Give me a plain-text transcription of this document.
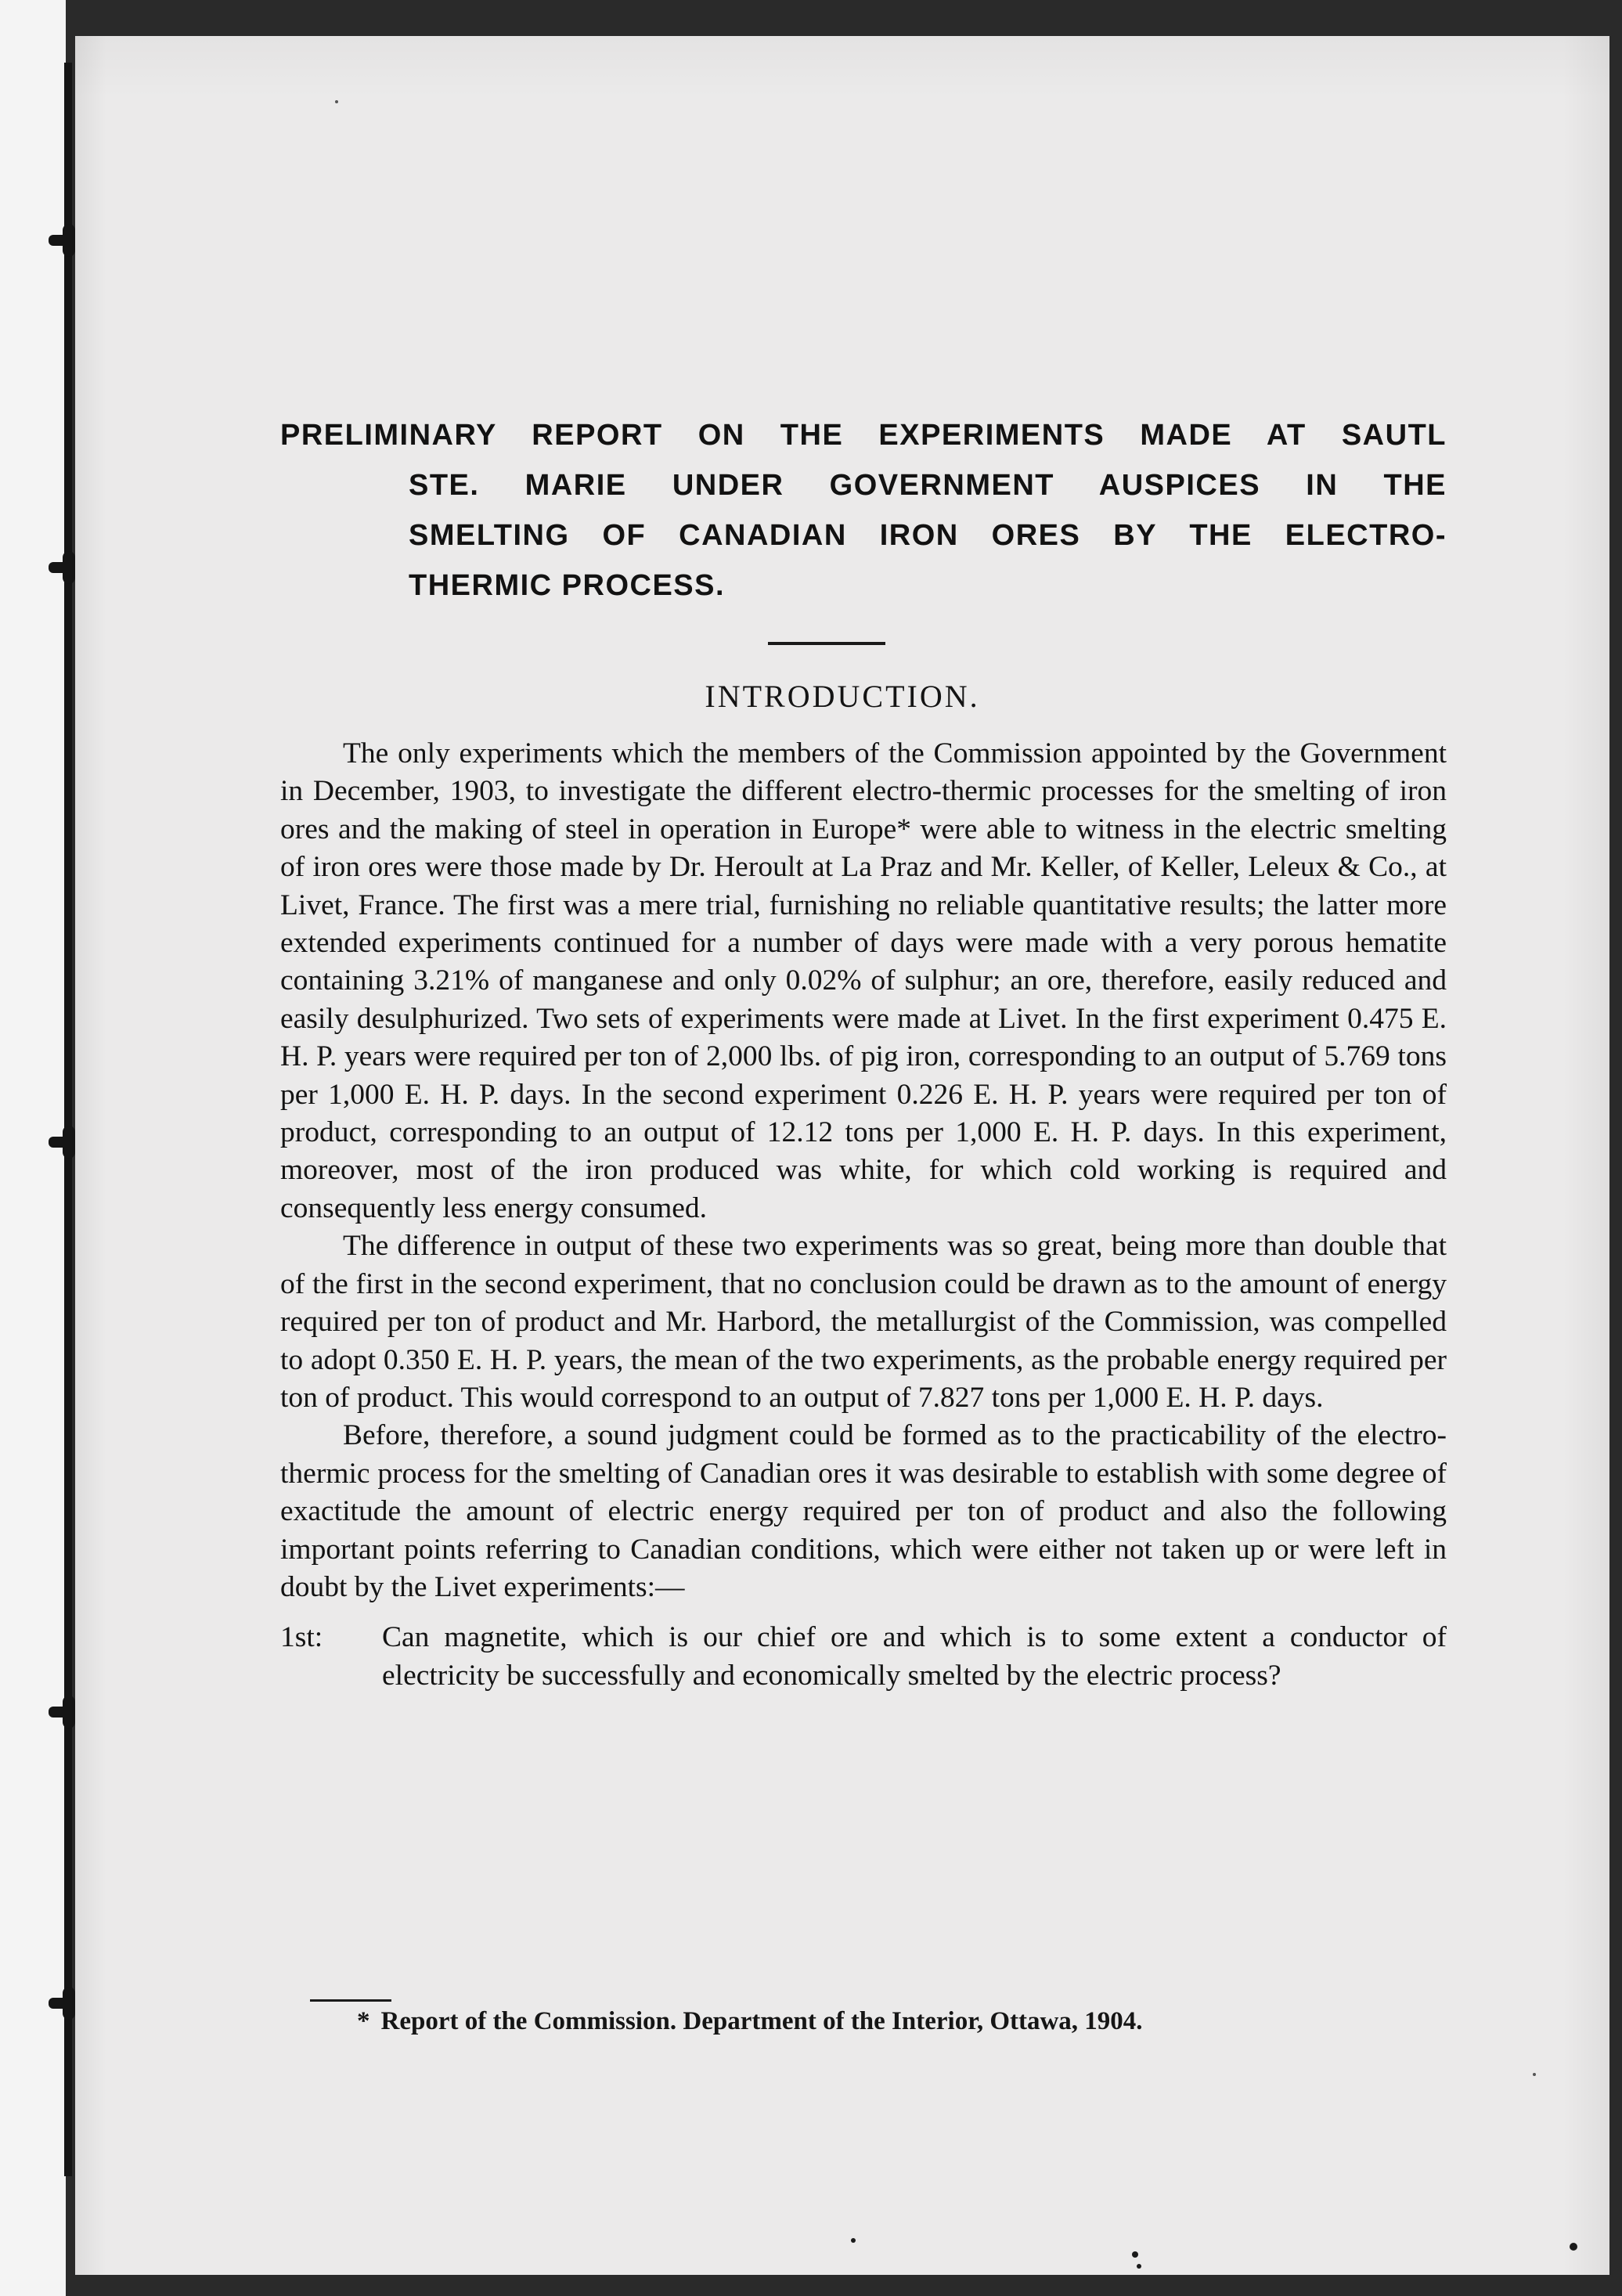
PRELIMINARY REPORT ON THE EXPERIMENTS MADE AT SAUTL
STE. MARIE UNDER GOVERNMENT AUSPICES IN THE
SMELTING OF CANADIAN IRON ORES BY THE ELECTRO-
THERMIC PROCESS.
INTRODUCTION.

The only experiments which the members of the Commission appointed by the Government in December, 1903, to investigate the different electro-thermic processes for the smelting of iron ores and the making of steel in operation in Europe* were able to witness in the electric smelting of iron ores were those made by Dr. Heroult at La Praz and Mr. Keller, of Keller, Leleux & Co., at Livet, France. The first was a mere trial, furnishing no reliable quantitative results; the latter more extended experiments continued for a number of days were made with a very porous hematite containing 3.21% of manganese and only 0.02% of sulphur; an ore, therefore, easily reduced and easily desulphurized. Two sets of experiments were made at Livet. In the first experiment 0.475 E. H. P. years were required per ton of 2,000 lbs. of pig iron, corresponding to an output of 5.769 tons per 1,000 E. H. P. days. In the second experiment 0.226 E. H. P. years were required per ton of product, corresponding to an output of 12.12 tons per 1,000 E. H. P. days. In this experiment, moreover, most of the iron produced was white, for which cold working is required and consequently less energy consumed.

The difference in output of these two experiments was so great, being more than double that of the first in the second experiment, that no conclusion could be drawn as to the amount of energy required per ton of product and Mr. Harbord, the metallurgist of the Commission, was compelled to adopt 0.350 E. H. P. years, the mean of the two experiments, as the probable energy required per ton of product. This would correspond to an output of 7.827 tons per 1,000 E. H. P. days.

Before, therefore, a sound judgment could be formed as to the practicability of the electro-thermic process for the smelting of Canadian ores it was desirable to establish with some degree of exactitude the amount of electric energy required per ton of product and also the following important points referring to Canadian conditions, which were either not taken up or were left in doubt by the Livet experiments:—

1st: Can magnetite, which is our chief ore and which is to some extent a conductor of electricity be successfully and economically smelted by the electric process?

* Report of the Commission. Department of the Interior, Ottawa, 1904.
